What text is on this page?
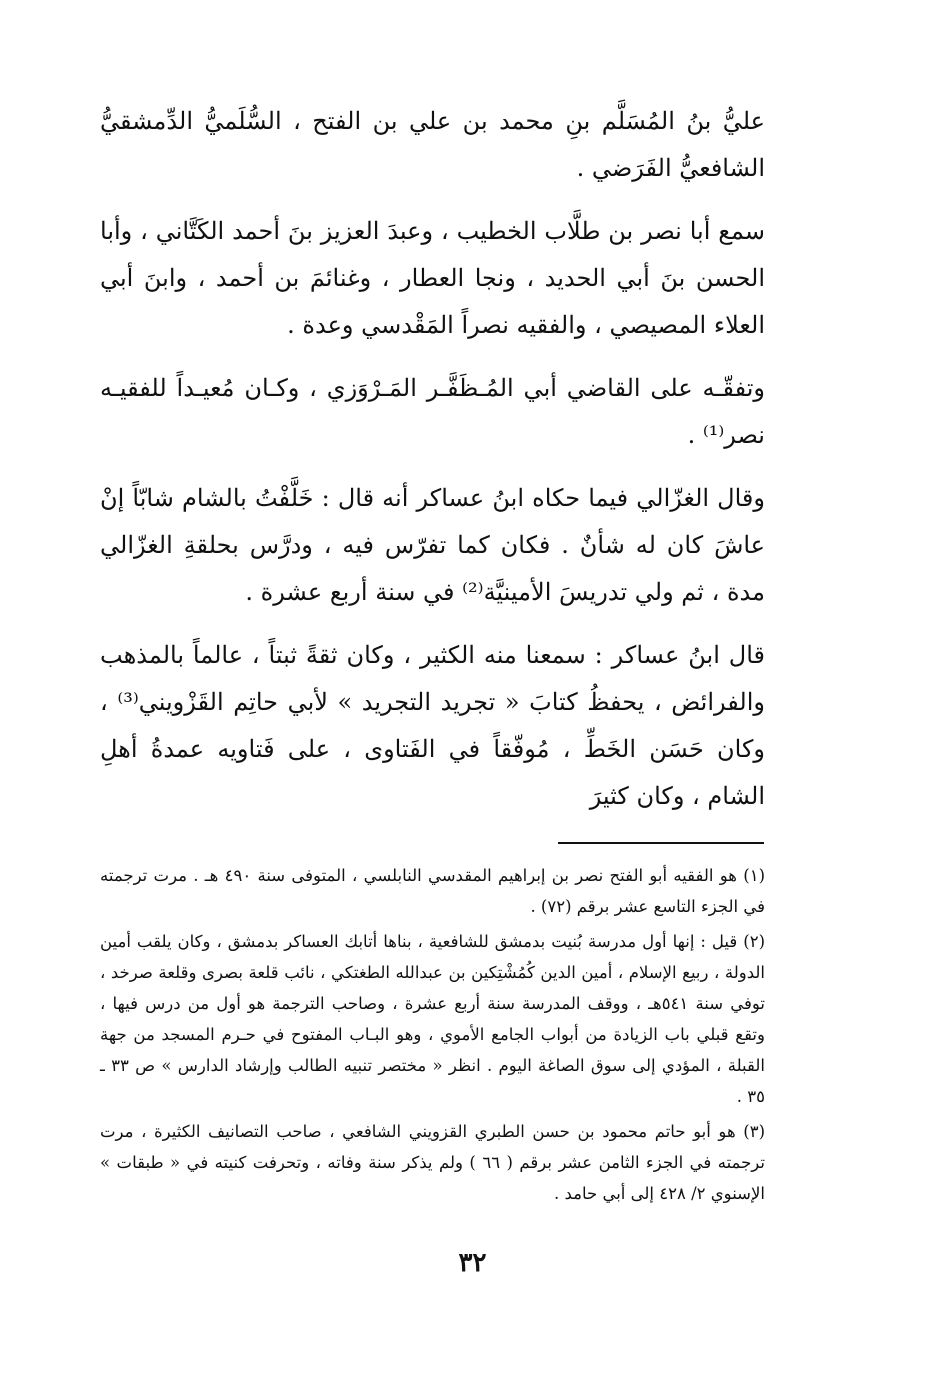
عليُّ بنُ المُسَلَّم بنِ محمد بن علي بن الفتح ، السُّلَميُّ الدِّمشقيُّ الشافعيُّ الفَرَضي .

سمع أبا نصر بن طلَّاب الخطيب ، وعبدَ العزيز بنَ أحمد الكَتَّاني ، وأبا الحسن بنَ أبي الحديد ، ونجا العطار ، وغنائمَ بن أحمد ، وابنَ أبي العلاء المصيصي ، والفقيه نصراً المَقْدسي وعدة .

وتفقّـه على القاضي أبي المُـظَفَّـر المَـرْوَزي ، وكـان مُعيـداً للفقيـه نصر⁽¹⁾ .

وقال الغزّالي فيما حكاه ابنُ عساكر أنه قال : خَلَّفْتُ بالشام شابّاً إنْ عاشَ كان له شأنٌ . فكان كما تفرّس فيه ، ودرَّس بحلقةِ الغزّالي مدة ، ثم ولي تدريسَ الأمينيَّة⁽²⁾ في سنة أربع عشرة .

قال ابنُ عساكر : سمعنا منه الكثير ، وكان ثقةً ثبتاً ، عالماً بالمذهب والفرائض ، يحفظُ كتابَ « تجريد التجريد » لأبي حاتِم القَزْويني⁽³⁾ ، وكان حَسَن الخَطِّ ، مُوفّقاً في الفَتاوى ، على فَتاويه عمدةُ أهلِ الشام ، وكان كثيرَ

(١) هو الفقيه أبو الفتح نصر بن إبراهيم المقدسي النابلسي ، المتوفى سنة ٤٩٠ هـ . مرت ترجمته في الجزء التاسع عشر برقم (٧٢) .

(٢) قيل : إنها أول مدرسة بُنيت بدمشق للشافعية ، بناها أتابك العساكر بدمشق ، وكان يلقب أمين الدولة ، ربيع الإسلام ، أمين الدين كُمُشْتِكين بن عبدالله الطغتكي ، نائب قلعة بصرى وقلعة صرخد ، توفي سنة ٥٤١هـ ، ووقف المدرسة سنة أربع عشرة ، وصاحب الترجمة هو أول من درس فيها ، وتقع قبلي باب الزيادة من أبواب الجامع الأموي ، وهو البـاب المفتوح في حـرم المسجد من جهة القبلة ، المؤدي إلى سوق الصاغة اليوم . انظر « مختصر تنبيه الطالب وإرشاد الدارس » ص ٣٣ ـ ٣٥ .

(٣) هو أبو حاتم محمود بن حسن الطبري القزويني الشافعي ، صاحب التصانيف الكثيرة ، مرت ترجمته في الجزء الثامن عشر برقم ( ٦٦ ) ولم يذكر سنة وفاته ، وتحرفت كنيته في « طبقات » الإسنوي ٢/ ٤٢٨ إلى أبي حامد .

٣٢
